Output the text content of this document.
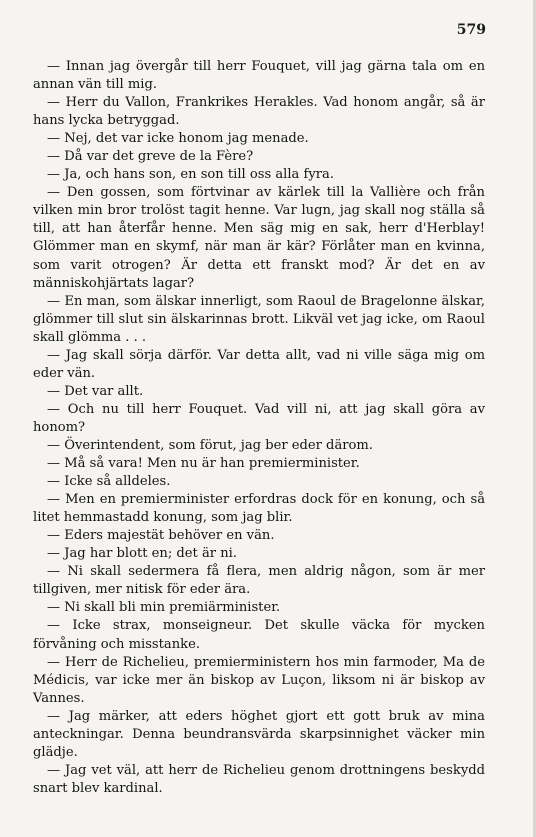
579

— Innan jag övergår till herr Fouquet, vill jag gärna tala om en annan vän till mig.

— Herr du Vallon, Frankrikes Herakles. Vad honom angår, så är hans lycka betryggad.

— Nej, det var icke honom jag menade.

— Då var det greve de la Fère?

— Ja, och hans son, en son till oss alla fyra.

— Den gossen, som förtvinar av kärlek till la Vallière och från vilken min bror trolöst tagit henne. Var lugn, jag skall nog ställa så till, att han återfår henne. Men säg mig en sak, herr d'Herblay! Glömmer man en skymf, när man är kär? Förlåter man en kvinna, som varit otrogen? Är detta ett franskt mod? Är det en av människohjärtats lagar?

— En man, som älskar innerligt, som Raoul de Bragelonne älskar, glömmer till slut sin älskarinnas brott. Likväl vet jag icke, om Raoul skall glömma . . .

— Jag skall sörja därför. Var detta allt, vad ni ville säga mig om eder vän.

— Det var allt.

— Och nu till herr Fouquet. Vad vill ni, att jag skall göra av honom?

— Överintendent, som förut, jag ber eder därom.

— Må så vara! Men nu är han premierminister.

— Icke så alldeles.

— Men en premierminister erfordras dock för en konung, och så litet hemmastadd konung, som jag blir.

— Eders majestät behöver en vän.

— Jag har blott en; det är ni.

— Ni skall sedermera få flera, men aldrig någon, som är mer tillgiven, mer nitisk för eder ära.

— Ni skall bli min premiärminister.

— Icke strax, monseigneur. Det skulle väcka för mycken förvåning och misstanke.

— Herr de Richelieu, premierministern hos min farmoder, Ma de Médicis, var icke mer än biskop av Luçon, liksom ni är biskop av Vannes.

— Jag märker, att eders höghet gjort ett gott bruk av mina anteckningar. Denna beundransvärda skarpsinnighet väcker min glädje.

— Jag vet väl, att herr de Richelieu genom drottningens beskydd snart blev kardinal.
